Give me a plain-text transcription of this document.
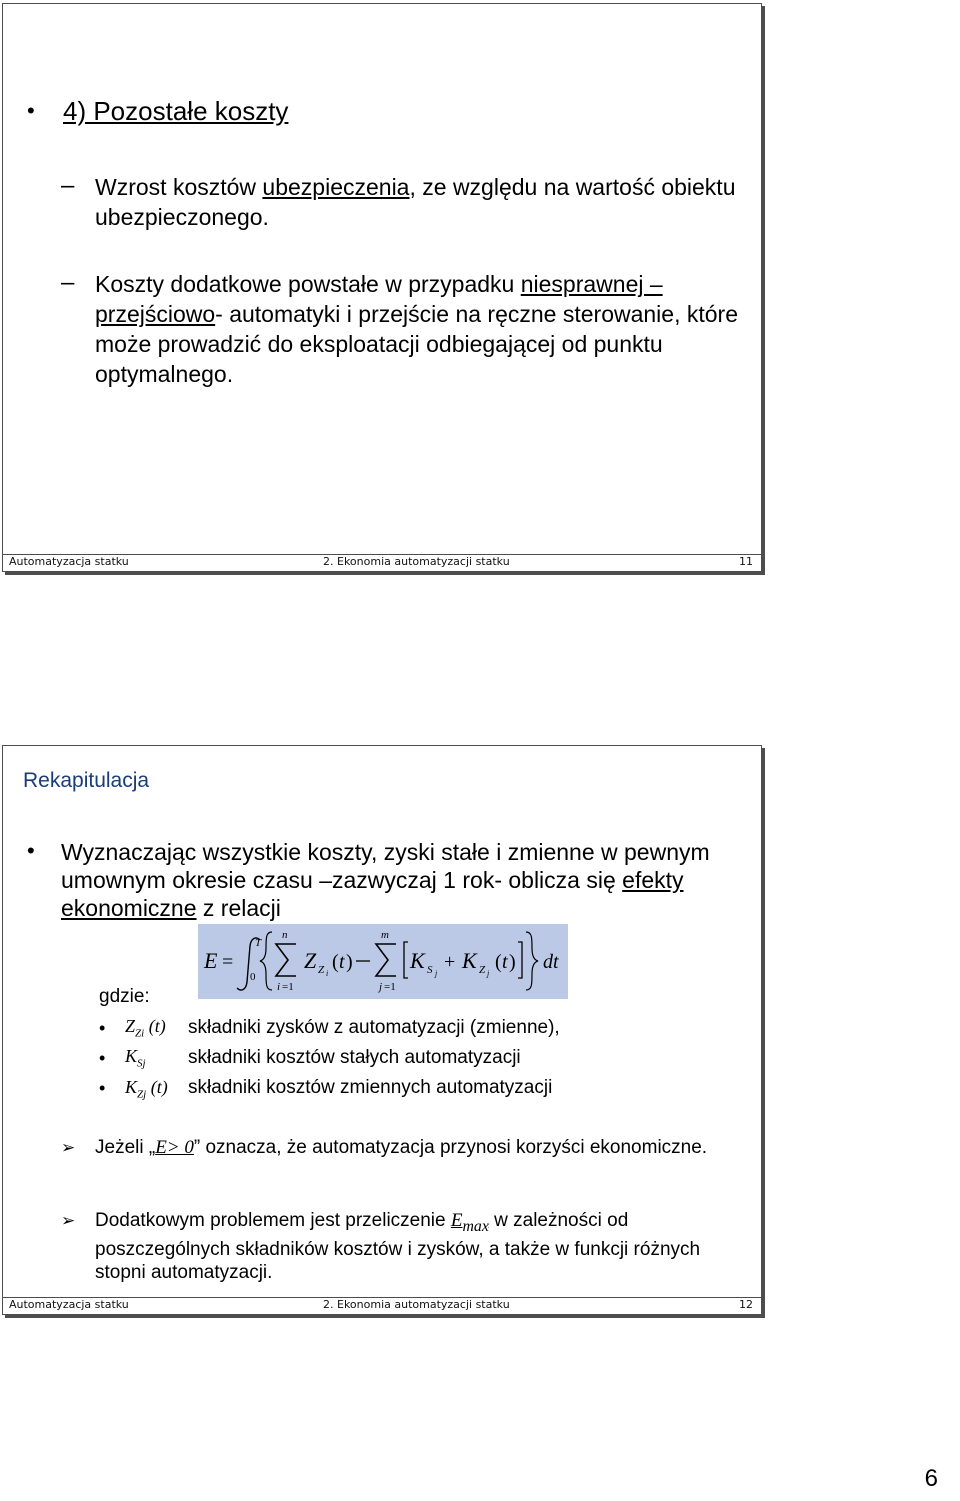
• 4) Pozostałe koszty
– Wzrost kosztów ubezpieczenia, ze względu na wartość obiektu ubezpieczonego.
– Koszty dodatkowe powstałe w przypadku niesprawnej – przejściowo- automatyki i przejście na ręczne sterowanie, które może prowadzić do eksploatacji odbiegającej od punktu optymalnego.
Automatyzacja statku	2. Ekonomia automatyzacji statku	11
Rekapitulacja
• Wyznaczając wszystkie koszty, zyski stałe i zmienne w pewnym umownym okresie czasu –zazwyczaj 1 rok- oblicza się efekty ekonomiczne z relacji
E =
T
0
n
i =1
Z Z i
( t )
m
j =1
K S j
+ K Z j
( t ) dt
gdzie:
• $Z_{Zi}$ (t) składniki zysków z automatyzacji (zmienne),
• $K_{Sj}$ składniki kosztów stałych automatyzacji
• $K_{Zj}$ (t) składniki kosztów zmiennych automatyzacji
➢ Jeżeli „E> 0” oznacza, że automatyzacja przynosi korzyści ekonomiczne.
➢ Dodatkowym problemem jest przeliczenie $E_{max}$ w zależności od poszczególnych składników kosztów i zysków, a także w funkcji różnych stopni automatyzacji.
Automatyzacja statku	2. Ekonomia automatyzacji statku	12
6
